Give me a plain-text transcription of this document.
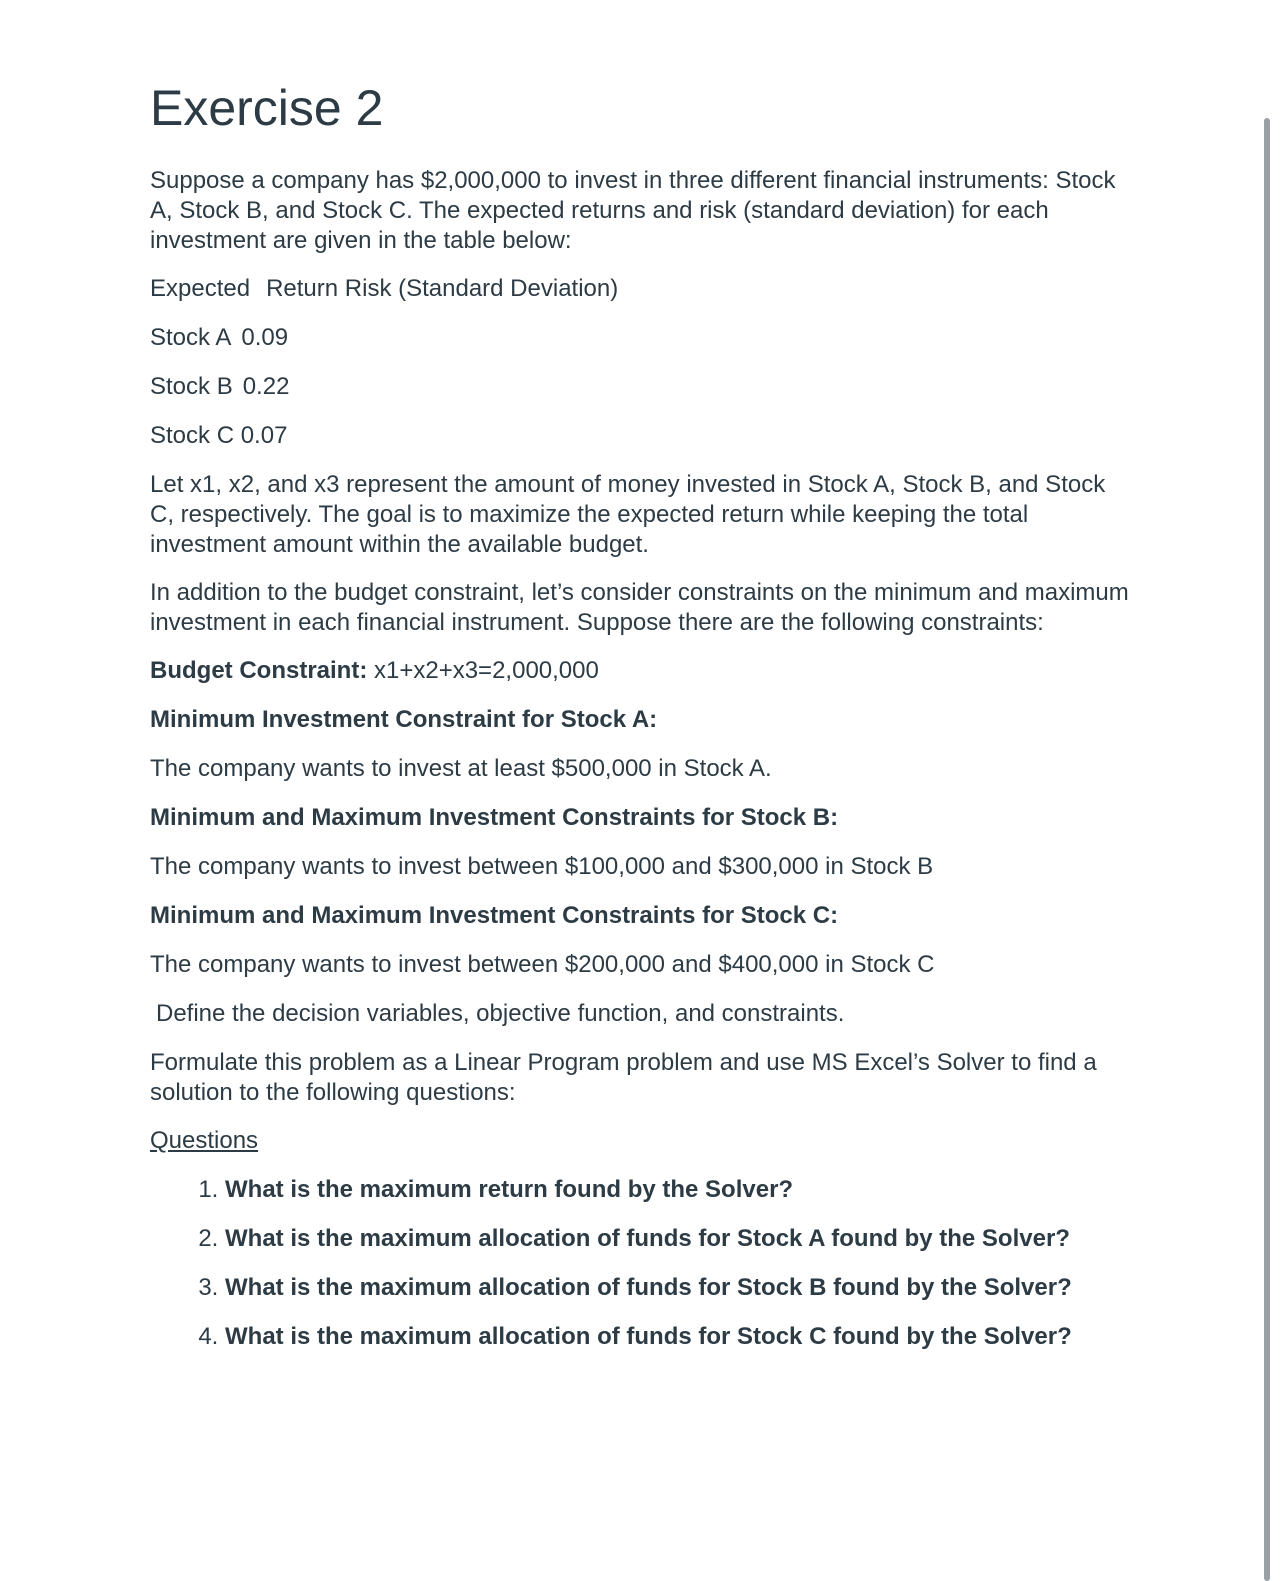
Exercise 2

Suppose a company has $2,000,000 to invest in three different financial instruments: Stock A, Stock B, and Stock C. The expected returns and risk (standard deviation) for each investment are given in the table below:

Expected Return Risk (Standard Deviation)

Stock A 0.09

Stock B 0.22

Stock C 0.07

Let x1, x2, and x3 represent the amount of money invested in Stock A, Stock B, and Stock C, respectively. The goal is to maximize the expected return while keeping the total investment amount within the available budget.

In addition to the budget constraint, let’s consider constraints on the minimum and maximum investment in each financial instrument. Suppose there are the following constraints:

Budget Constraint: x1+x2+x3=2,000,000

Minimum Investment Constraint for Stock A:

The company wants to invest at least $500,000 in Stock A.

Minimum and Maximum Investment Constraints for Stock B:

The company wants to invest between $100,000 and $300,000 in Stock B

Minimum and Maximum Investment Constraints for Stock C:

The company wants to invest between $200,000 and $400,000 in Stock C

Define the decision variables, objective function, and constraints.

Formulate this problem as a Linear Program problem and use MS Excel’s Solver to find a solution to the following questions:

Questions

1. What is the maximum return found by the Solver?
2. What is the maximum allocation of funds for Stock A found by the Solver?
3. What is the maximum allocation of funds for Stock B found by the Solver?
4. What is the maximum allocation of funds for Stock C found by the Solver?
